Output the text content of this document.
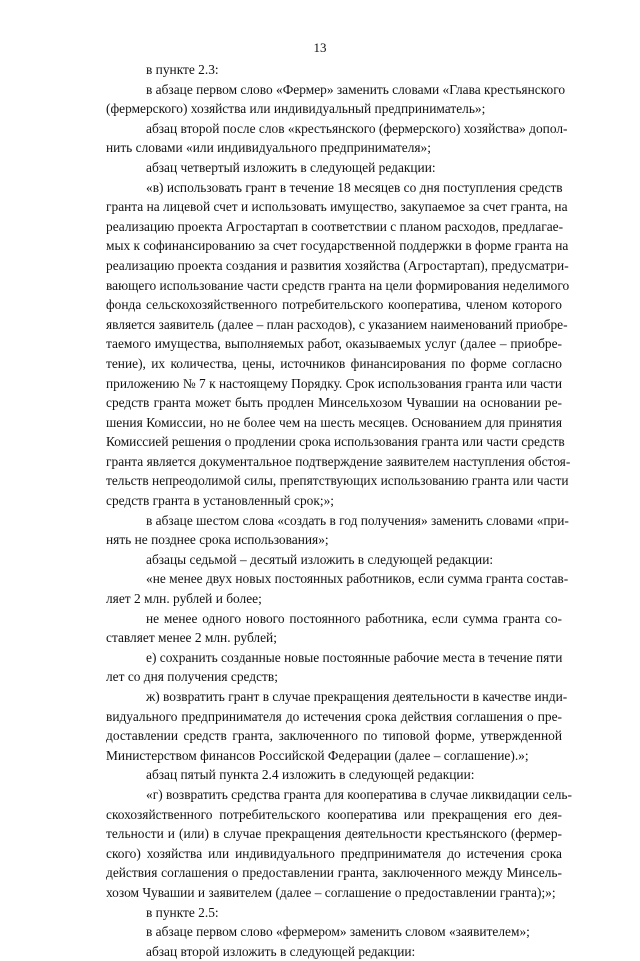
13
в пункте 2.3:
в абзаце первом слово «Фермер» заменить словами «Глава крестьянского
(фермерского) хозяйства или индивидуальный предприниматель»;
абзац второй после слов «крестьянского (фермерского) хозяйства» допол-
нить словами «или индивидуального предпринимателя»;
абзац четвертый изложить в следующей редакции:
«в) использовать грант в течение 18 месяцев со дня поступления средств
гранта на лицевой счет и использовать имущество, закупаемое за счет гранта, на
реализацию проекта Агростартап в соответствии с планом расходов, предлагае-
мых к софинансированию за счет государственной поддержки в форме гранта на
реализацию проекта создания и развития хозяйства (Агростартап), предусматри-
вающего использование части средств гранта на цели формирования неделимого
фонда сельскохозяйственного потребительского кооператива, членом которого
является заявитель (далее – план расходов), с указанием наименований приобре-
таемого имущества, выполняемых работ, оказываемых услуг (далее – приобре-
тение), их количества, цены, источников финансирования по форме согласно
приложению № 7 к настоящему Порядку. Срок использования гранта или части
средств гранта может быть продлен Минсельхозом Чувашии на основании ре-
шения Комиссии, но не более чем на шесть месяцев. Основанием для принятия
Комиссией решения о продлении срока использования гранта или части средств
гранта является документальное подтверждение заявителем наступления обстоя-
тельств непреодолимой силы, препятствующих использованию гранта или части
средств гранта в установленный срок;»;
в абзаце шестом слова «создать в год получения» заменить словами «при-
нять не позднее срока использования»;
абзацы седьмой – десятый изложить в следующей редакции:
«не менее двух новых постоянных работников, если сумма гранта состав-
ляет 2 млн. рублей и более;
не менее одного нового постоянного работника, если сумма гранта со-
ставляет менее 2 млн. рублей;
е) сохранить созданные новые постоянные рабочие места в течение пяти
лет со дня получения средств;
ж) возвратить грант в случае прекращения деятельности в качестве инди-
видуального предпринимателя до истечения срока действия соглашения о пре-
доставлении средств гранта, заключенного по типовой форме, утвержденной
Министерством финансов Российской Федерации (далее – соглашение).»;
абзац пятый пункта 2.4 изложить в следующей редакции:
«г) возвратить средства гранта для кооператива в случае ликвидации сель-
скохозяйственного потребительского кооператива или прекращения его дея-
тельности и (или) в случае прекращения деятельности крестьянского (фермер-
ского) хозяйства или индивидуального предпринимателя до истечения срока
действия соглашения о предоставлении гранта, заключенного между Минсель-
хозом Чувашии и заявителем (далее – соглашение о предоставлении гранта);»;
в пункте 2.5:
в абзаце первом слово «фермером» заменить словом «заявителем»;
абзац второй изложить в следующей редакции:
